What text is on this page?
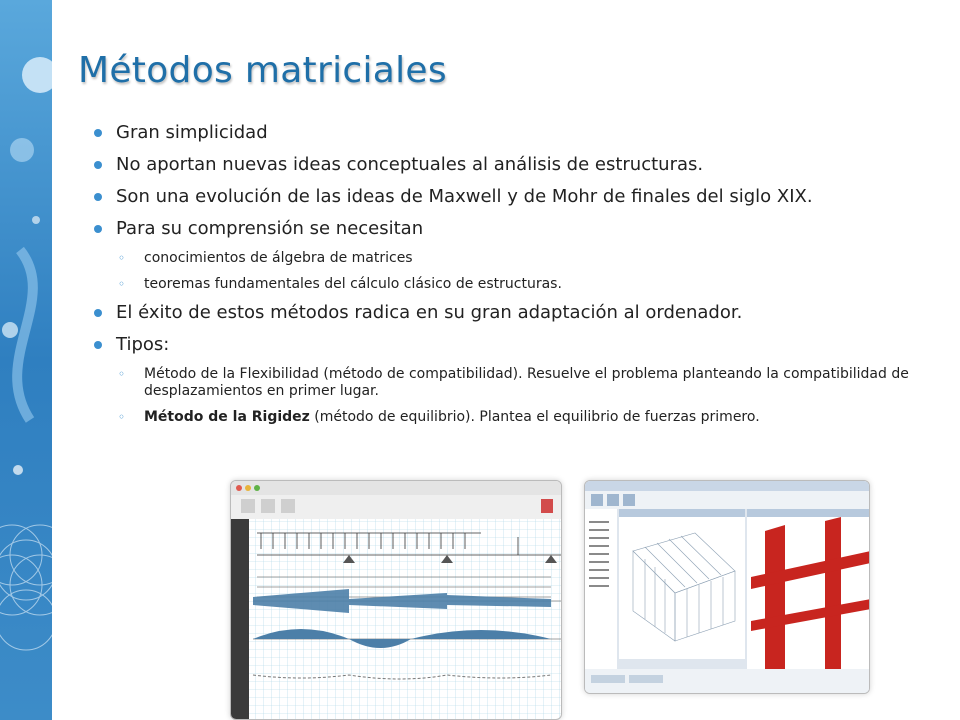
Métodos matriciales
Gran simplicidad
No aportan nuevas ideas conceptuales al análisis de estructuras.
Son una evolución de las ideas de Maxwell y de Mohr de finales del siglo XIX.
Para su comprensión se necesitan
◦ conocimientos de álgebra de matrices
◦ teoremas fundamentales del cálculo clásico de estructuras.
El éxito de estos métodos radica en su gran adaptación al ordenador.
Tipos:
◦ Método de la Flexibilidad (método de compatibilidad). Resuelve el problema planteando la compatibilidad de desplazamientos en primer lugar.
◦ Método de la Rigidez (método de equilibrio). Plantea el equilibrio de fuerzas primero.
